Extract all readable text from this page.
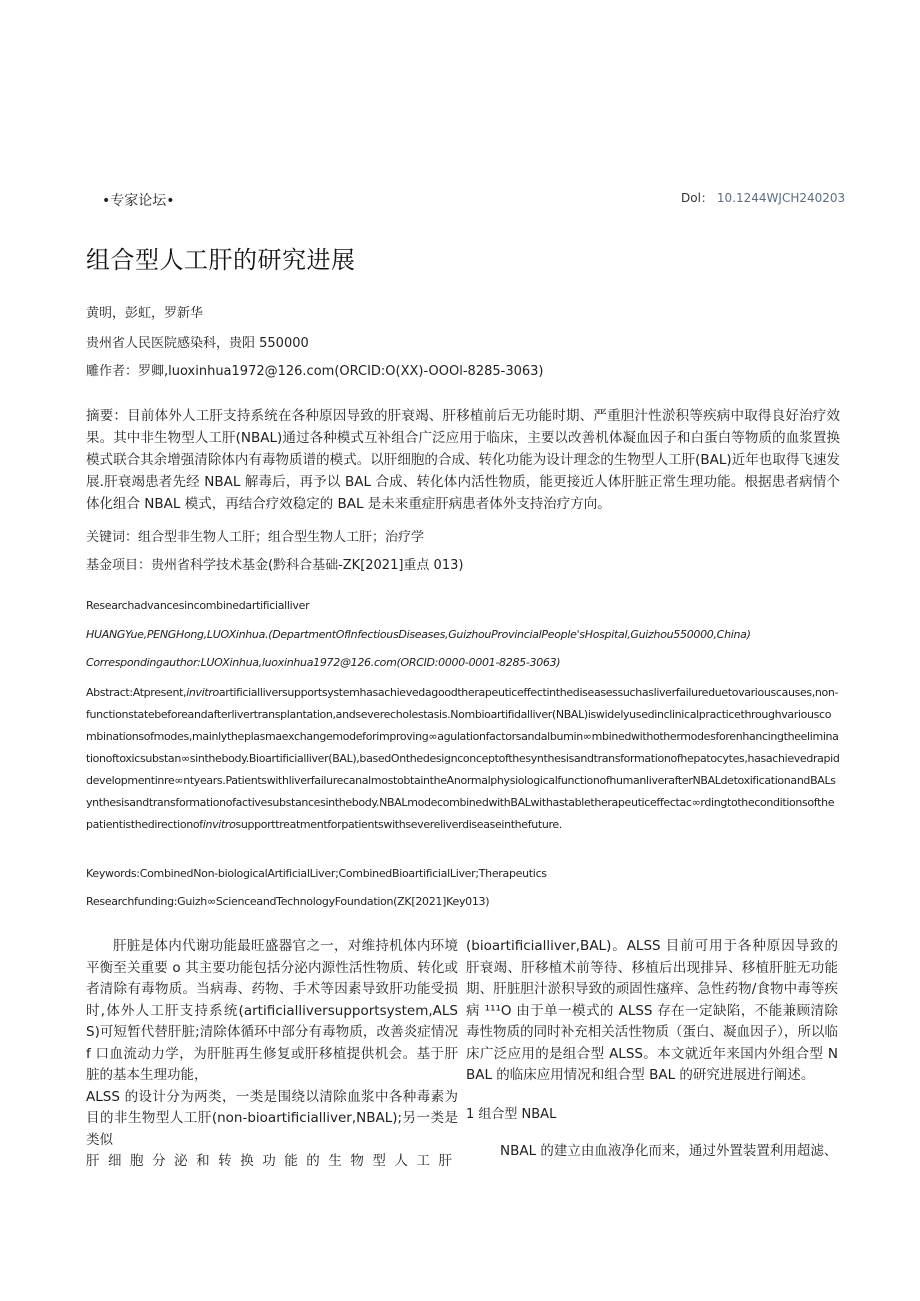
•专家论坛•	Dol： 10.1244WJCH240203
组合型人工肝的研究进展
黄明，彭虹，罗新华
贵州省人民医院感染科，贵阳 550000
雕作者：罗卿,luoxinhua1972@126.com(ORCID:O(XX)-OOOl-8285-3063)
摘要：目前体外人工肝支持系统在各种原因导致的肝衰竭、肝移植前后无功能时期、严重胆汁性淤积等疾病中取得良好治疗效果。其中非生物型人工肝(NBAL)通过各种模式互补组合广泛应用于临床，主要以改善机体凝血因子和白蛋白等物质的血浆置换模式联合其余增强清除体内有毒物质谱的模式。以肝细胞的合成、转化功能为设计理念的生物型人工肝(BAL)近年也取得飞速发展.肝衰竭患者先经 NBAL 解毒后，再予以 BAL 合成、转化体内活性物质，能更接近人体肝脏正常生理功能。根据患者病情个体化组合 NBAL 模式，再结合疗效稳定的 BAL 是未来重症肝病患者体外支持治疗方向。
关键词：组合型非生物人工肝；组合型生物人工肝；治疗学
基金项目：贵州省科学技术基金(黔科合基础-ZK[2021]重点 013)
Researchadvancesincombinedartificialliver
HUANGYue,PENGHong,LUOXinhua.(DepartmentOfInfectiousDiseases,GuizhouProvincialPeople'sHospital,Guizhou550000,China)
Correspondingauthor:LUOXinhua,luoxinhua1972@126.com(ORCID:0000-0001-8285-3063)
Abstract:Atpresent,invitroartificialliversupportsystemhasachievedagoodtherapeuticeffectinthediseasessuchasliverfailureduetovariouscauses,non-functionstatebeforeandafterlivertransplantation,andseverecholestasis.Nombioartifidalliver(NBAL)iswidelyusedinclinicalpracticethroughvariouscombinationsofmodes,mainlytheplasmaexchangemodeforimproving∞agulationfactorsandalbumin∞mbinedwithothermodesforenhancingtheeliminationoftoxicsubstan∞sinthebody.Bioartificialliver(BAL),basedOnthedesignconceptofthesynthesisandtransformationofhepatocytes,hasachievedrapiddevelopmentinre∞ntyears.PatientswithliverfailurecanalmostobtaintheAnormalphysiologicalfunctionofhumanliverafterNBALdetoxificationandBALsynthesisandtransformationofactivesubstancesinthebody.NBALmodecombinedwithBALwithastabletherapeuticeffectac∞rdingtotheconditionsofthepatientisthedirectionofinvitrosupporttreatmentforpatientswithsevereliverdiseaseinthefuture.
Keywords:CombinedNon-biologicalArtificialLiver;CombinedBioartificialLiver;Therapeutics
Researchfunding:Guizh∞ScienceandTechnologyFoundation(ZK[2021]Key013)

肝脏是体内代谢功能最旺盛器官之一，对维持机体内环境平衡至关重要 o 其主要功能包括分泌内源性活性物质、转化或者清除有毒物质。当病毒、药物、手术等因素导致肝功能受损时,体外人工肝支持系统(artificialliversupportsystem,ALSS)可短暂代替肝脏;清除体循环中部分有毒物质，改善炎症情况 f 口血流动力学，为肝脏再生修复或肝移植提供机会。基于肝脏的基本生理功能，

ALSS 的设计分为两类，一类是围绕以清除血浆中各种毒素为目的非生物型人工肝(non-bioartificialliver,NBAL);另一类是类似

肝细胞分泌和转换功能的生物型人工肝

(bioartificialliver,BAL)。ALSS 目前可用于各种原因导致的肝衰竭、肝移植术前等待、移植后出现排异、移植肝脏无功能期、肝脏胆汁淤积导致的顽固性瘙痒、急性药物/食物中毒等疾病 ¹¹¹O 由于单一模式的 ALSS 存在一定缺陷，不能兼顾清除毒性物质的同时补充相关活性物质（蛋白、凝血因子），所以临床广泛应用的是组合型 ALSS。本文就近年来国内外组合型 NBAL 的临床应用情况和组合型 BAL 的研究进展进行阐述。

1 组合型 NBAL

NBAL 的建立由血液净化而来，通过外置装置利用超滤、
